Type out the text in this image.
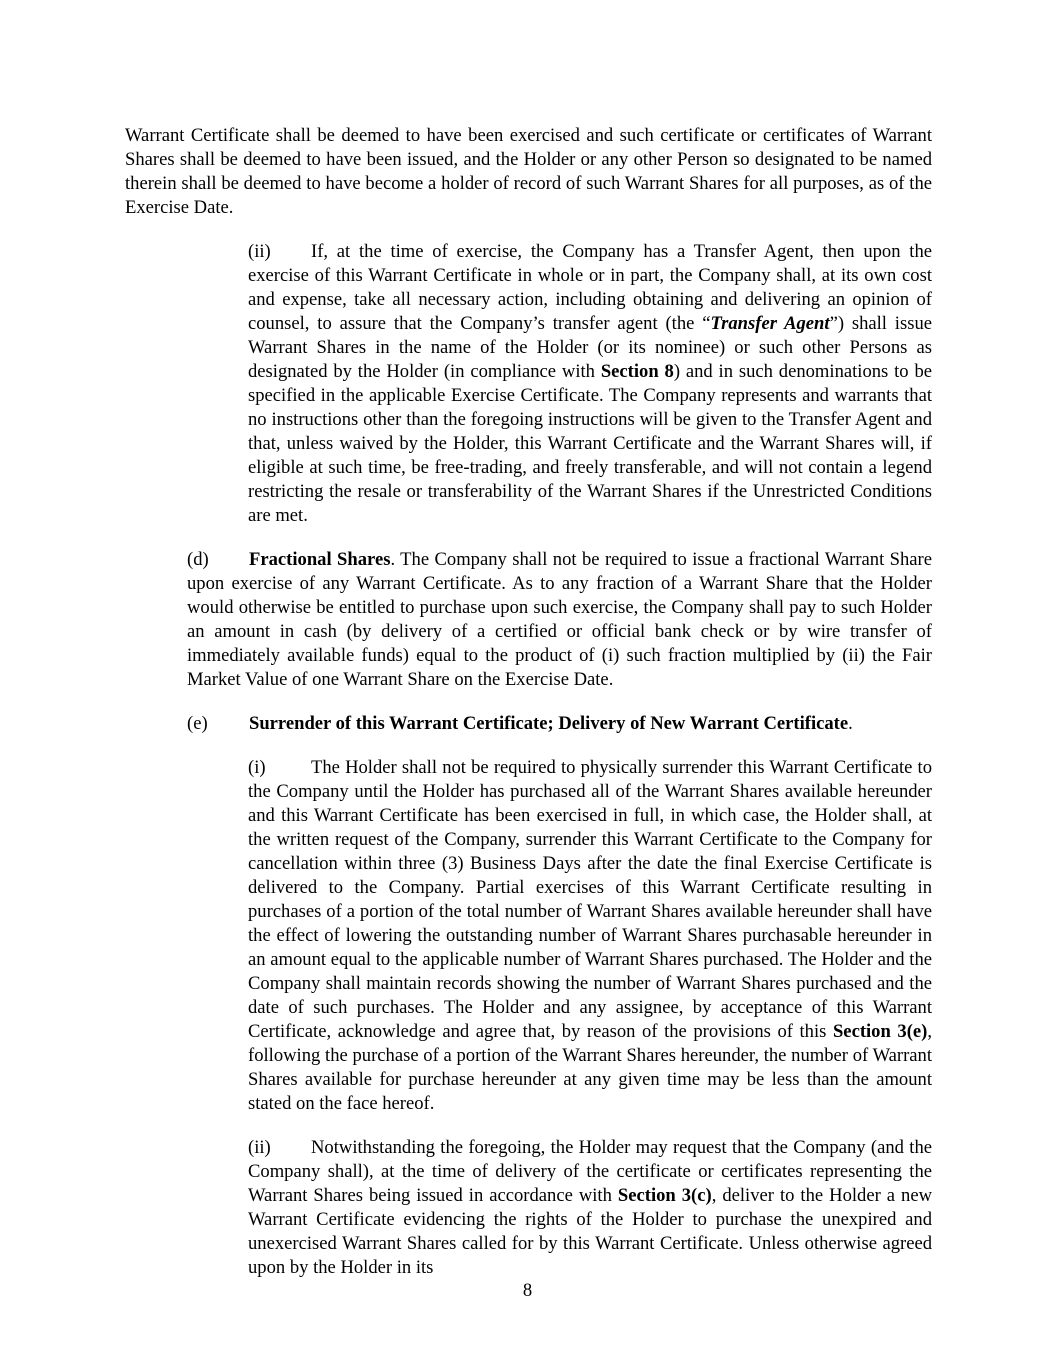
Warrant Certificate shall be deemed to have been exercised and such certificate or certificates of Warrant Shares shall be deemed to have been issued, and the Holder or any other Person so designated to be named therein shall be deemed to have become a holder of record of such Warrant Shares for all purposes, as of the Exercise Date.

(ii) If, at the time of exercise, the Company has a Transfer Agent, then upon the exercise of this Warrant Certificate in whole or in part, the Company shall, at its own cost and expense, take all necessary action, including obtaining and delivering an opinion of counsel, to assure that the Company’s transfer agent (the “Transfer Agent”) shall issue Warrant Shares in the name of the Holder (or its nominee) or such other Persons as designated by the Holder (in compliance with Section 8) and in such denominations to be specified in the applicable Exercise Certificate. The Company represents and warrants that no instructions other than the foregoing instructions will be given to the Transfer Agent and that, unless waived by the Holder, this Warrant Certificate and the Warrant Shares will, if eligible at such time, be free-trading, and freely transferable, and will not contain a legend restricting the resale or transferability of the Warrant Shares if the Unrestricted Conditions are met.

(d) Fractional Shares. The Company shall not be required to issue a fractional Warrant Share upon exercise of any Warrant Certificate. As to any fraction of a Warrant Share that the Holder would otherwise be entitled to purchase upon such exercise, the Company shall pay to such Holder an amount in cash (by delivery of a certified or official bank check or by wire transfer of immediately available funds) equal to the product of (i) such fraction multiplied by (ii) the Fair Market Value of one Warrant Share on the Exercise Date.

(e) Surrender of this Warrant Certificate; Delivery of New Warrant Certificate.

(i) The Holder shall not be required to physically surrender this Warrant Certificate to the Company until the Holder has purchased all of the Warrant Shares available hereunder and this Warrant Certificate has been exercised in full, in which case, the Holder shall, at the written request of the Company, surrender this Warrant Certificate to the Company for cancellation within three (3) Business Days after the date the final Exercise Certificate is delivered to the Company. Partial exercises of this Warrant Certificate resulting in purchases of a portion of the total number of Warrant Shares available hereunder shall have the effect of lowering the outstanding number of Warrant Shares purchasable hereunder in an amount equal to the applicable number of Warrant Shares purchased. The Holder and the Company shall maintain records showing the number of Warrant Shares purchased and the date of such purchases. The Holder and any assignee, by acceptance of this Warrant Certificate, acknowledge and agree that, by reason of the provisions of this Section 3(e), following the purchase of a portion of the Warrant Shares hereunder, the number of Warrant Shares available for purchase hereunder at any given time may be less than the amount stated on the face hereof.

(ii) Notwithstanding the foregoing, the Holder may request that the Company (and the Company shall), at the time of delivery of the certificate or certificates representing the Warrant Shares being issued in accordance with Section 3(c), deliver to the Holder a new Warrant Certificate evidencing the rights of the Holder to purchase the unexpired and unexercised Warrant Shares called for by this Warrant Certificate. Unless otherwise agreed upon by the Holder in its

8
